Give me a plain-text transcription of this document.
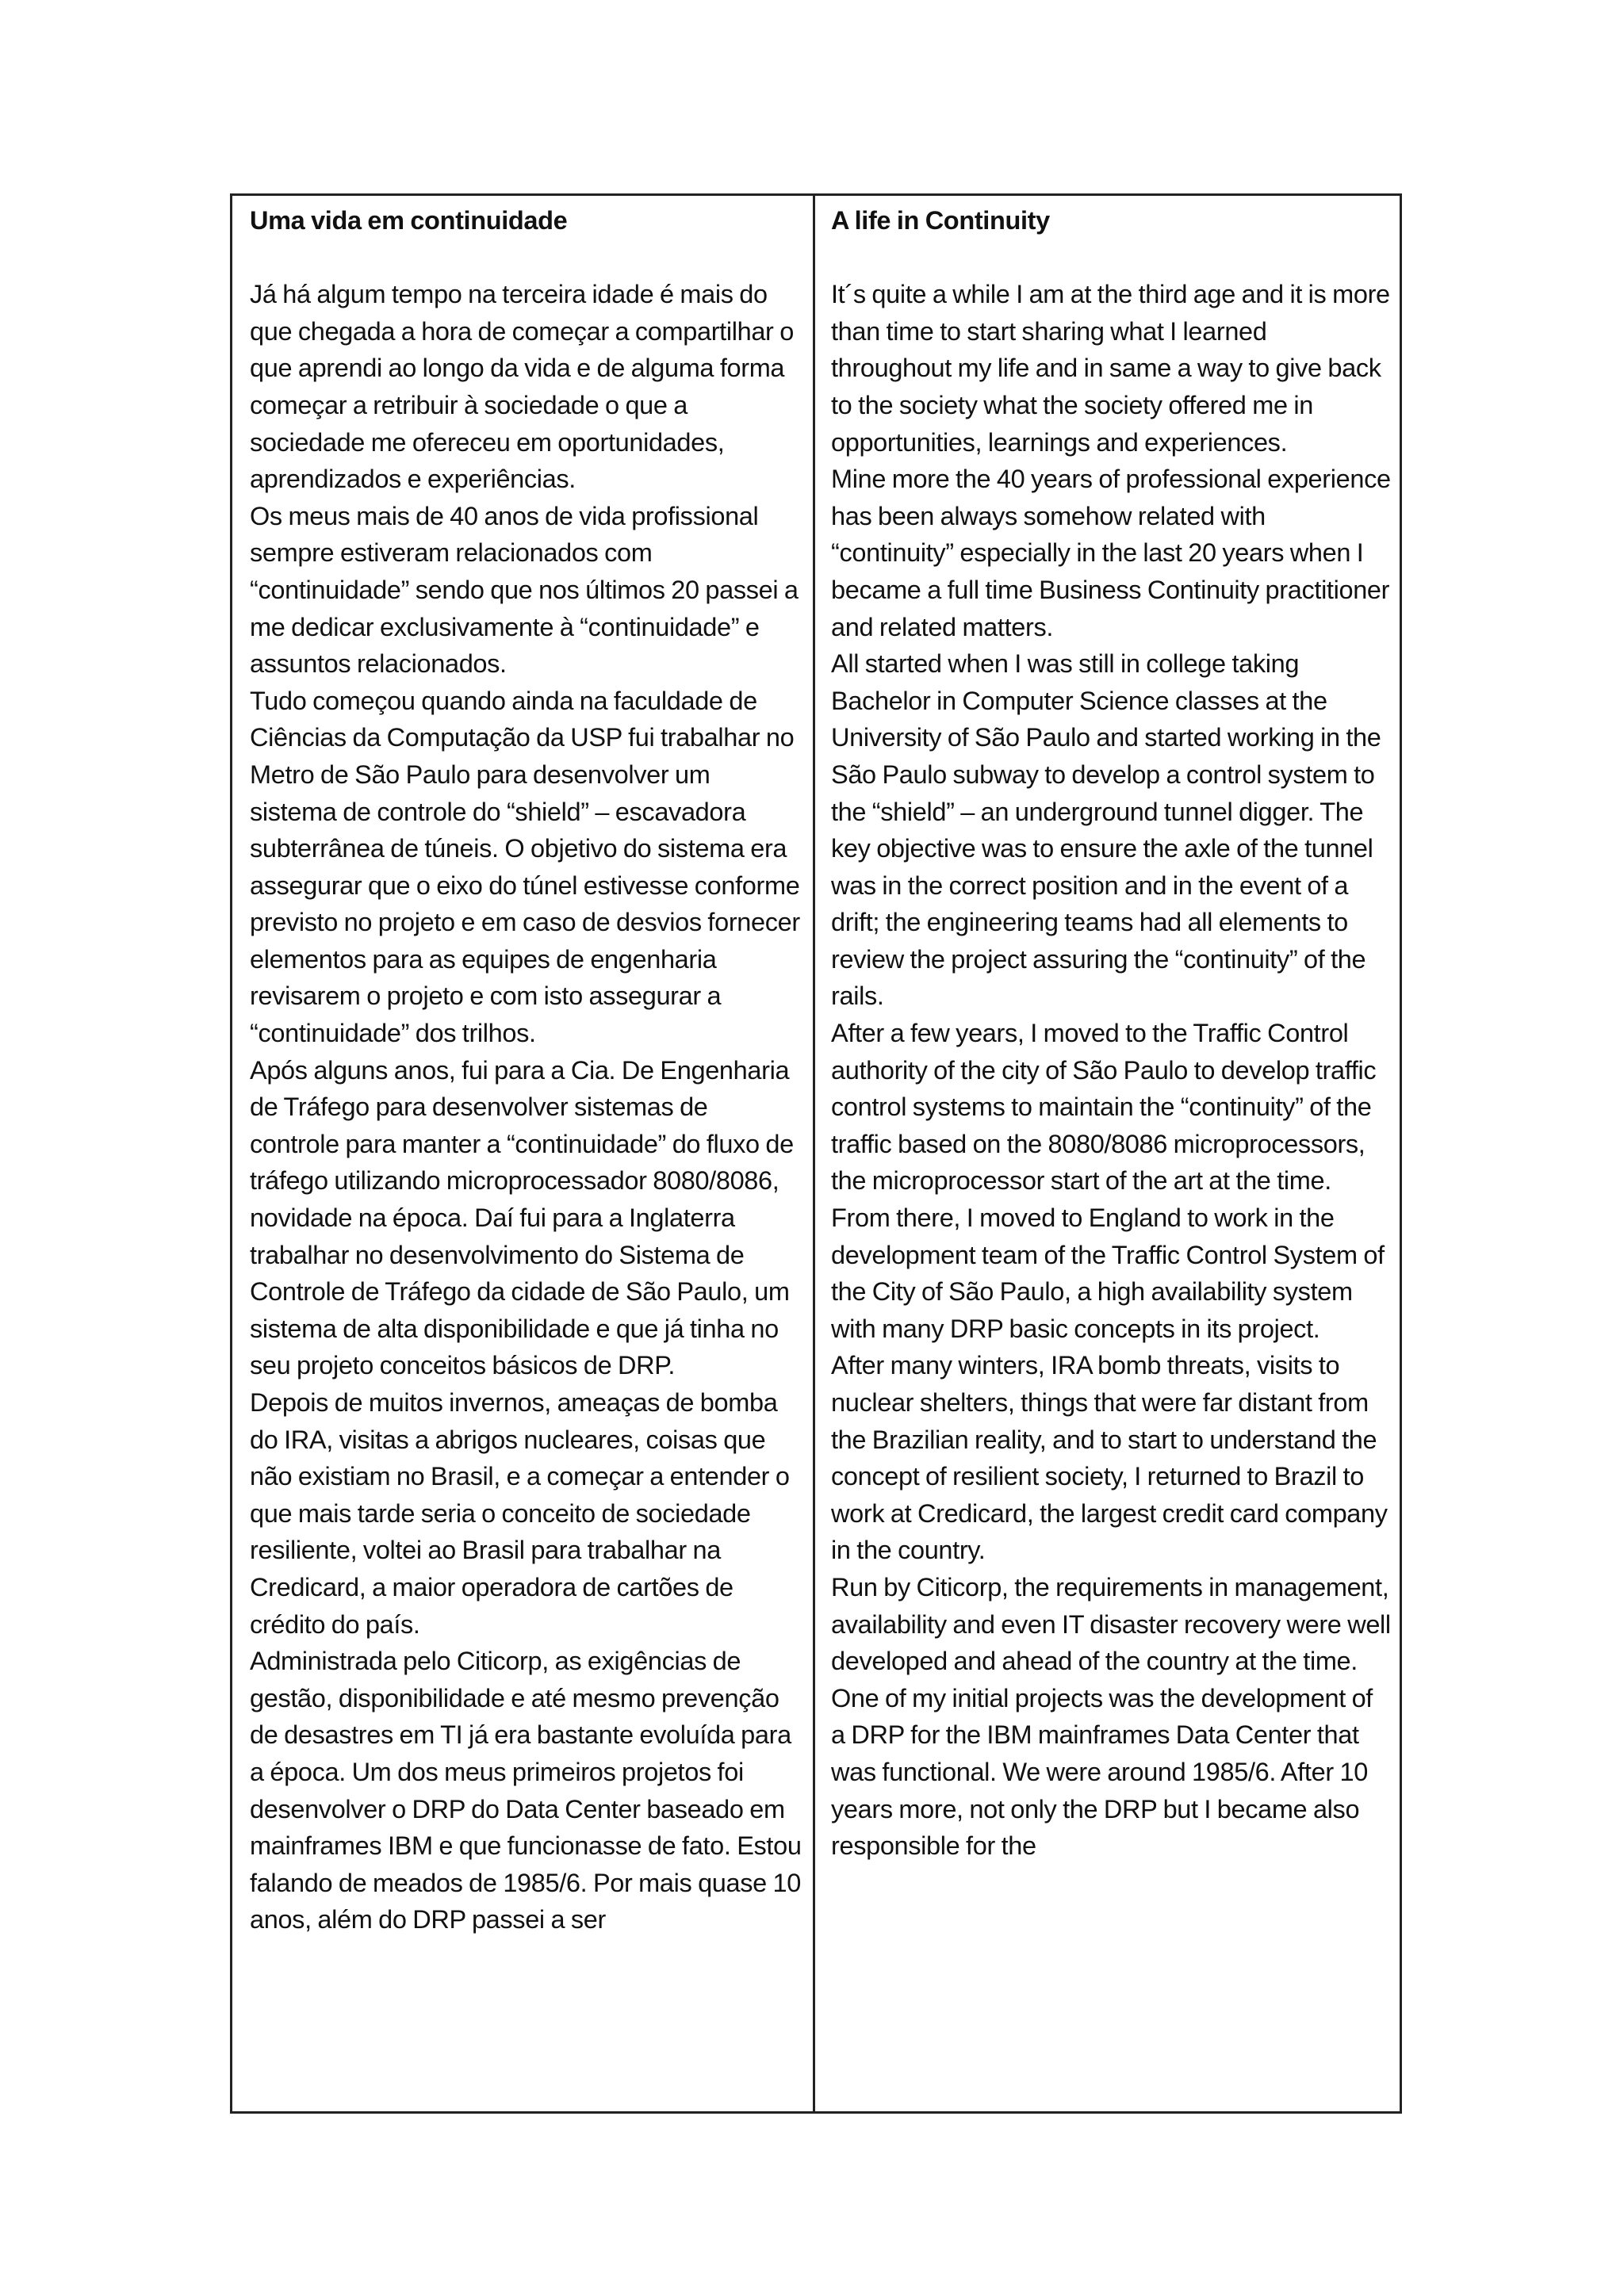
Uma vida em continuidade

Já há algum tempo na terceira idade é mais do que chegada a hora de começar a compartilhar o que aprendi ao longo da vida e de alguma forma começar a retribuir à sociedade o que a sociedade me ofereceu em oportunidades, aprendizados e experiências.

Os meus mais de 40 anos de vida profissional sempre estiveram relacionados com “continuidade” sendo que nos últimos 20 passei a me dedicar exclusivamente à “continuidade” e assuntos relacionados.

Tudo começou quando ainda na faculdade de Ciências da Computação da USP fui trabalhar no Metro de São Paulo para desenvolver um sistema de controle do “shield” – escavadora subterrânea de túneis. O objetivo do sistema era assegurar que o eixo do túnel estivesse conforme previsto no projeto e em caso de desvios fornecer elementos para as equipes de engenharia revisarem o projeto e com isto assegurar a “continuidade” dos trilhos.

Após alguns anos, fui para a Cia. De Engenharia de Tráfego para desenvolver sistemas de controle para manter a “continuidade” do fluxo de tráfego utilizando microprocessador 8080/8086, novidade na época. Daí fui para a Inglaterra trabalhar no desenvolvimento do Sistema de Controle de Tráfego da cidade de São Paulo, um sistema de alta disponibilidade e que já tinha no seu projeto conceitos básicos de DRP.

Depois de muitos invernos, ameaças de bomba do IRA, visitas a abrigos nucleares, coisas que não existiam no Brasil, e a começar a entender o que mais tarde seria o conceito de sociedade resiliente, voltei ao Brasil para trabalhar na Credicard, a maior operadora de cartões de crédito do país.

Administrada pelo Citicorp, as exigências de gestão, disponibilidade e até mesmo prevenção de desastres em TI já era bastante evoluída para a época. Um dos meus primeiros projetos foi desenvolver o DRP do Data Center baseado em mainframes IBM e que funcionasse de fato. Estou falando de meados de 1985/6. Por mais quase 10 anos, além do DRP passei a ser

A life in Continuity

It´s quite a while I am at the third age and it is more than time to start sharing what I learned throughout my life and in same a way to give back to the society what the society offered me in opportunities, learnings and experiences.

Mine more the 40 years of professional experience has been always somehow related with “continuity” especially in the last 20 years when I became a full time Business Continuity practitioner and related matters.

All started when I was still in college taking Bachelor in Computer Science classes at the University of São Paulo and started working in the São Paulo subway to develop a control system to the “shield” – an underground tunnel digger. The key objective was to ensure the axle of the tunnel was in the correct position and in the event of a drift; the engineering teams had all elements to review the project assuring the “continuity” of the rails.

After a few years, I moved to the Traffic Control authority of the city of São Paulo to develop traffic control systems to maintain the “continuity” of the traffic based on the 8080/8086 microprocessors, the microprocessor start of the art at the time. From there, I moved to England to work in the development team of the Traffic Control System of the City of São Paulo, a high availability system with many DRP basic concepts in its project.

After many winters, IRA bomb threats, visits to nuclear shelters, things that were far distant from the Brazilian reality, and to start to understand the concept of resilient society, I returned to Brazil to work at Credicard, the largest credit card company in the country.

Run by Citicorp, the requirements in management, availability and even IT disaster recovery were well developed and ahead of the country at the time. One of my initial projects was the development of a DRP for the IBM mainframes Data Center that was functional. We were around 1985/6. After 10 years more, not only the DRP but I became also responsible for the
